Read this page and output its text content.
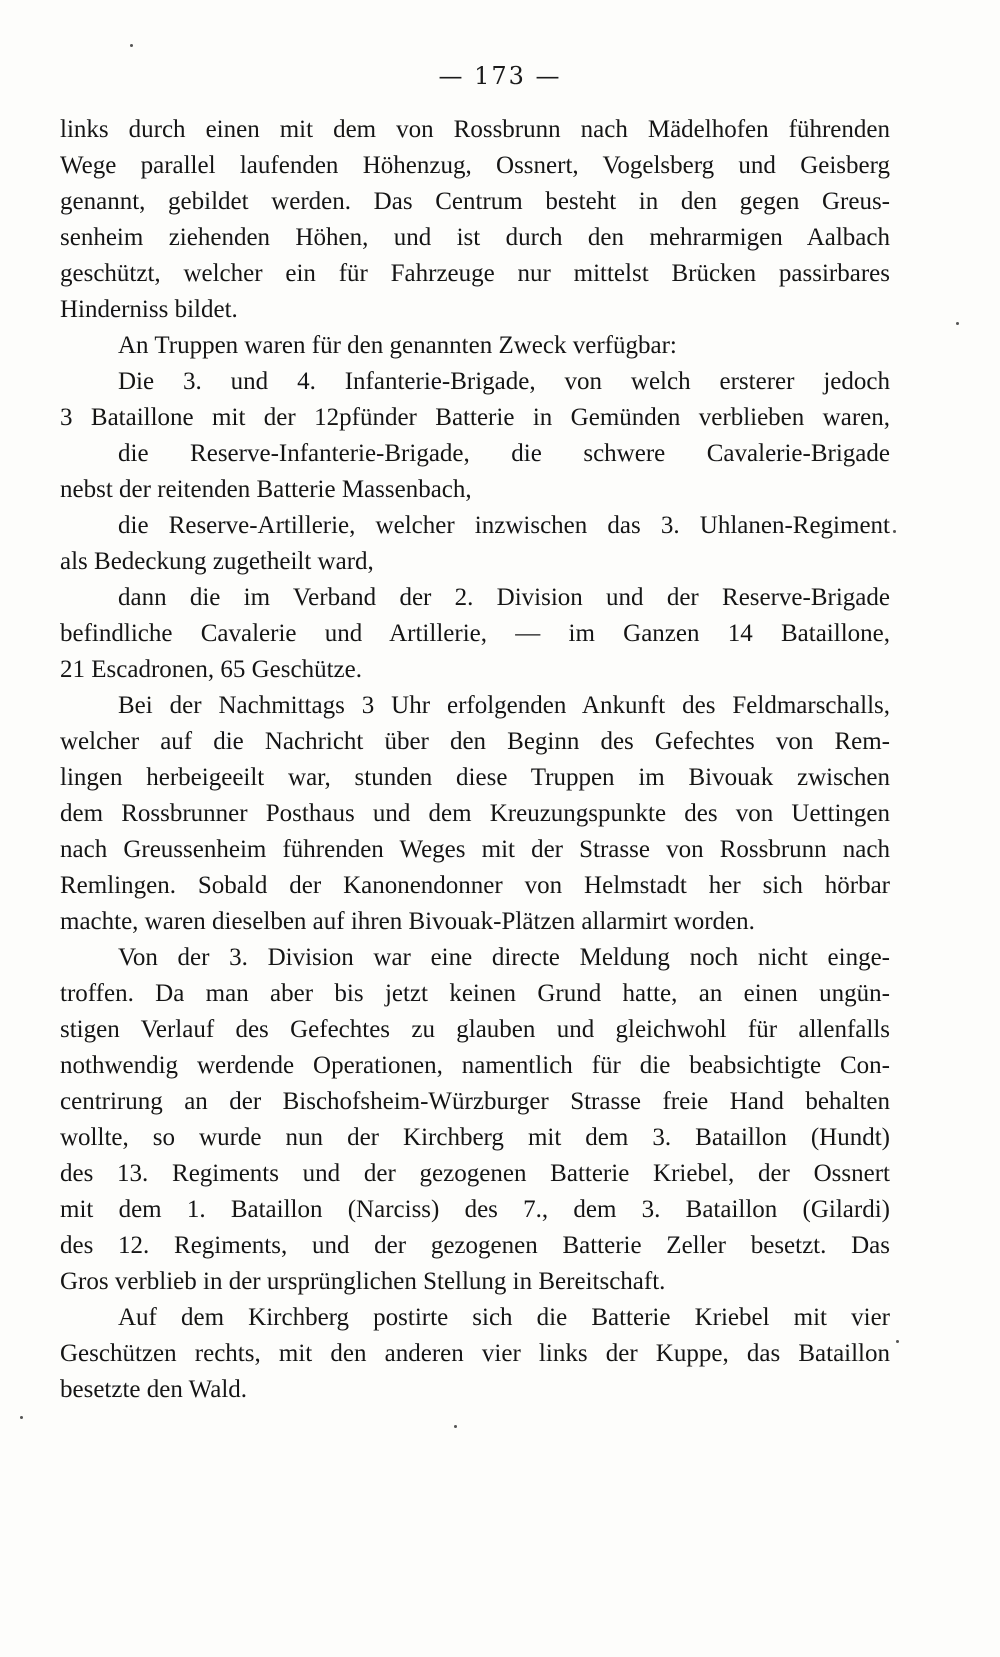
— 173 —
links durch einen mit dem von Rossbrunn nach Mädelhofen führenden
Wege parallel laufenden Höhenzug, Ossnert, Vogelsberg und Geisberg
genannt, gebildet werden. Das Centrum besteht in den gegen Greus-
senheim ziehenden Höhen, und ist durch den mehrarmigen Aalbach
geschützt, welcher ein für Fahrzeuge nur mittelst Brücken passirbares
Hinderniss bildet.
An Truppen waren für den genannten Zweck verfügbar:
Die 3. und 4. Infanterie-Brigade, von welch ersterer jedoch
3 Bataillone mit der 12pfünder Batterie in Gemünden verblieben waren,
die Reserve-Infanterie-Brigade, die schwere Cavalerie-Brigade
nebst der reitenden Batterie Massenbach,
die Reserve-Artillerie, welcher inzwischen das 3. Uhlanen-Regiment
als Bedeckung zugetheilt ward,
dann die im Verband der 2. Division und der Reserve-Brigade
befindliche Cavalerie und Artillerie, — im Ganzen 14 Bataillone,
21 Escadronen, 65 Geschütze.
Bei der Nachmittags 3 Uhr erfolgenden Ankunft des Feldmarschalls,
welcher auf die Nachricht über den Beginn des Gefechtes von Rem-
lingen herbeigeeilt war, stunden diese Truppen im Bivouak zwischen
dem Rossbrunner Posthaus und dem Kreuzungspunkte des von Uettingen
nach Greussenheim führenden Weges mit der Strasse von Rossbrunn nach
Remlingen. Sobald der Kanonendonner von Helmstadt her sich hörbar
machte, waren dieselben auf ihren Bivouak-Plätzen allarmirt worden.
Von der 3. Division war eine directe Meldung noch nicht einge-
troffen. Da man aber bis jetzt keinen Grund hatte, an einen ungün-
stigen Verlauf des Gefechtes zu glauben und gleichwohl für allenfalls
nothwendig werdende Operationen, namentlich für die beabsichtigte Con-
centrirung an der Bischofsheim-Würzburger Strasse freie Hand behalten
wollte, so wurde nun der Kirchberg mit dem 3. Bataillon (Hundt)
des 13. Regiments und der gezogenen Batterie Kriebel, der Ossnert
mit dem 1. Bataillon (Narciss) des 7., dem 3. Bataillon (Gilardi)
des 12. Regiments, und der gezogenen Batterie Zeller besetzt. Das
Gros verblieb in der ursprünglichen Stellung in Bereitschaft.
Auf dem Kirchberg postirte sich die Batterie Kriebel mit vier
Geschützen rechts, mit den anderen vier links der Kuppe, das Bataillon
besetzte den Wald.
